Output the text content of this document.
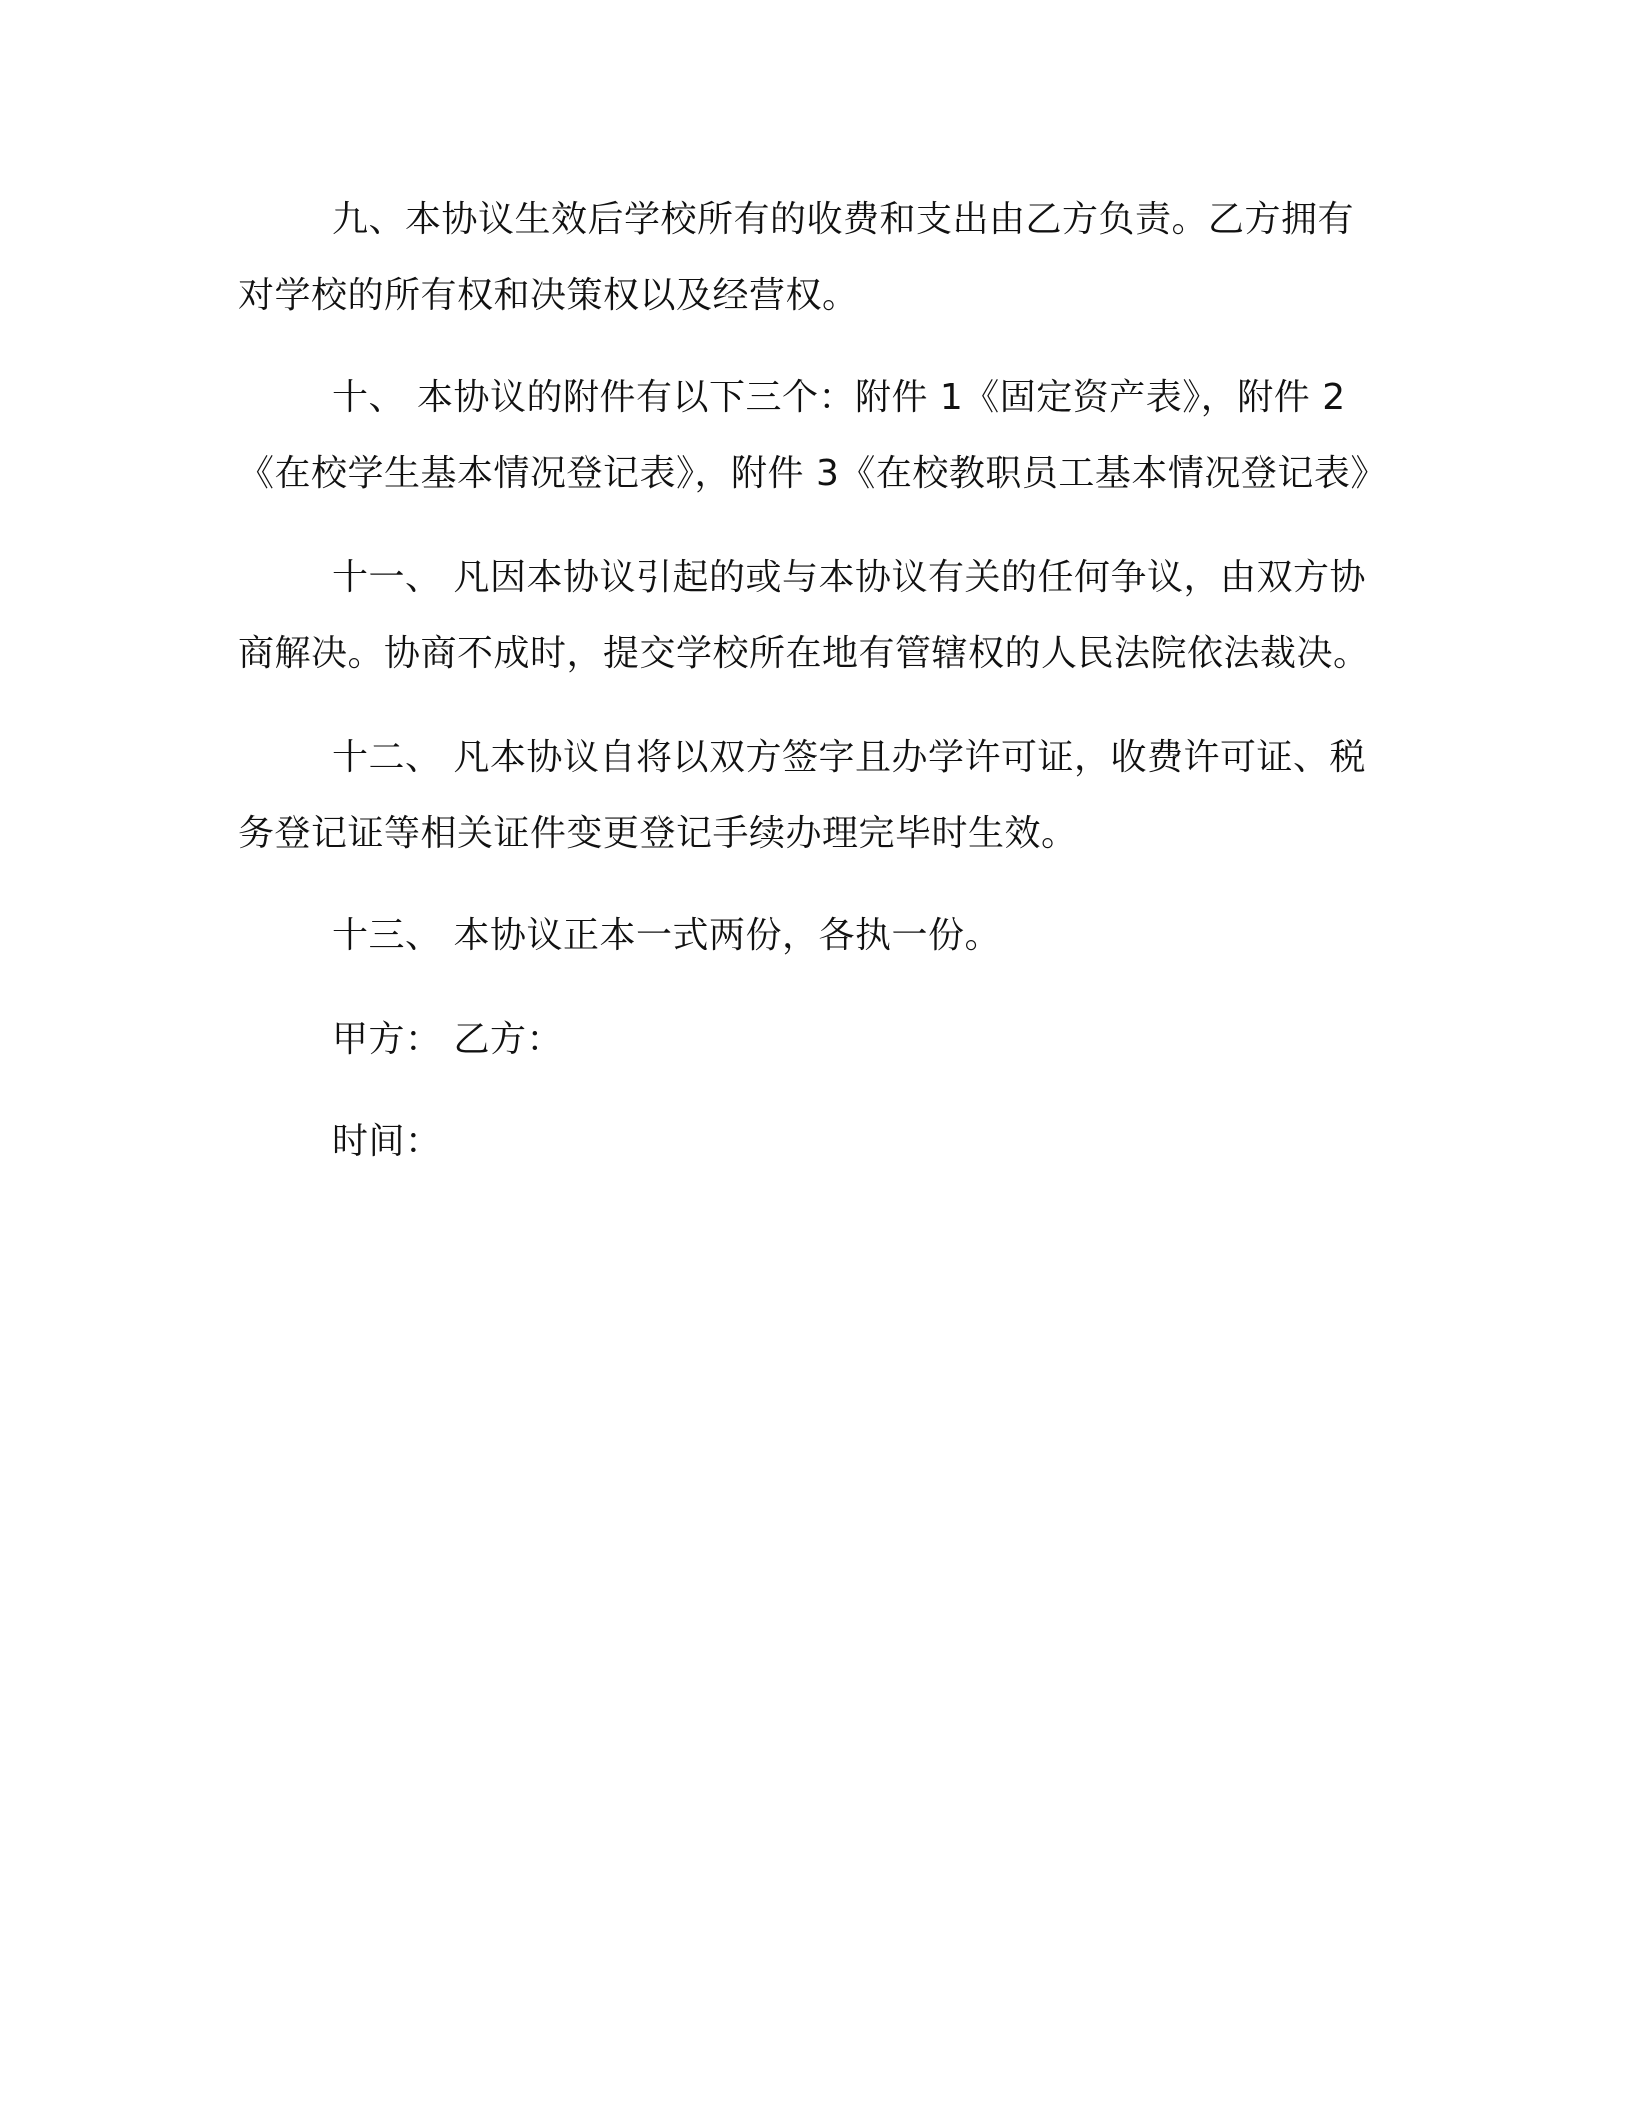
九、本协议生效后学校所有的收费和支出由乙方负责。乙方拥有
对学校的所有权和决策权以及经营权。
十、 本协议的附件有以下三个：附件 1《固定资产表》，附件 2
《在校学生基本情况登记表》，附件 3《在校教职员工基本情况登记表》
十一、 凡因本协议引起的或与本协议有关的任何争议，由双方协
商解决。协商不成时，提交学校所在地有管辖权的人民法院依法裁决。
十二、 凡本协议自将以双方签字且办学许可证，收费许可证、税
务登记证等相关证件变更登记手续办理完毕时生效。
十三、 本协议正本一式两份，各执一份。
甲方： 乙方：
时间：
